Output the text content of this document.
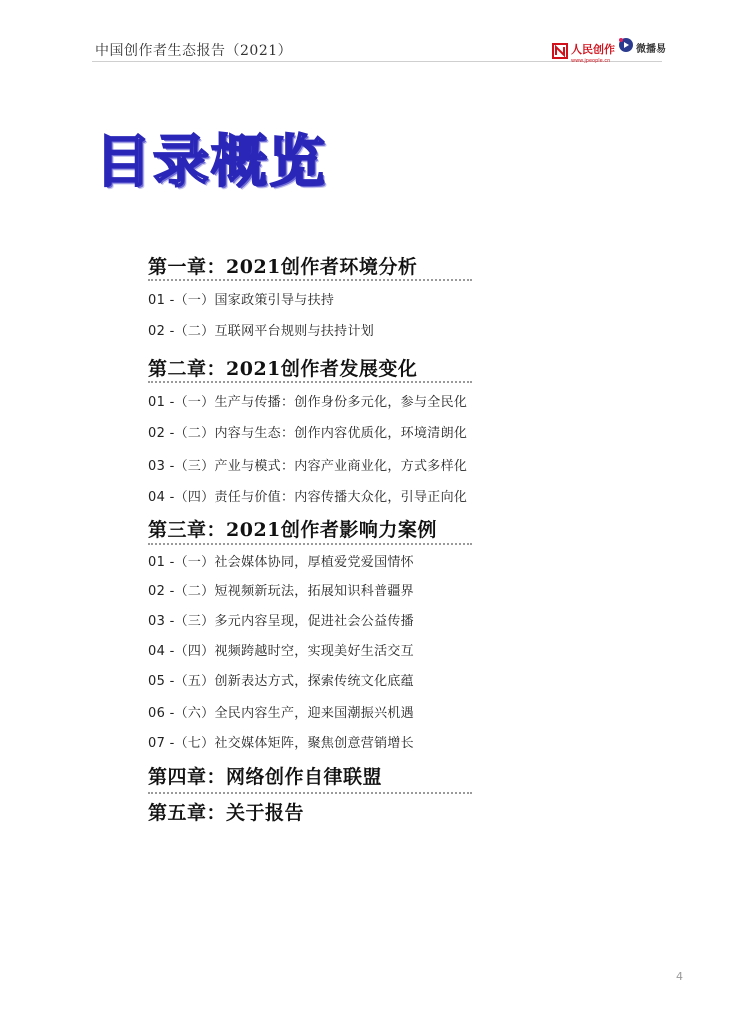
中国创作者生态报告（2021）	人民创作
www.jpeople.cn
微播易
目录概览
第一章：2021创作者环境分析
01 -（一）国家政策引导与扶持
02 -（二）互联网平台规则与扶持计划
第二章：2021创作者发展变化
01 -（一）生产与传播：创作身份多元化，参与全民化
02 -（二）内容与生态：创作内容优质化，环境清朗化
03 -（三）产业与模式：内容产业商业化，方式多样化
04 -（四）责任与价值：内容传播大众化，引导正向化
第三章：2021创作者影响力案例
01 -（一）社会媒体协同，厚植爱党爱国情怀
02 -（二）短视频新玩法，拓展知识科普疆界
03 -（三）多元内容呈现，促进社会公益传播
04 -（四）视频跨越时空，实现美好生活交互
05 -（五）创新表达方式，探索传统文化底蕴
06 -（六）全民内容生产，迎来国潮振兴机遇
07 -（七）社交媒体矩阵，聚焦创意营销增长
第四章：网络创作自律联盟
第五章：关于报告
4
